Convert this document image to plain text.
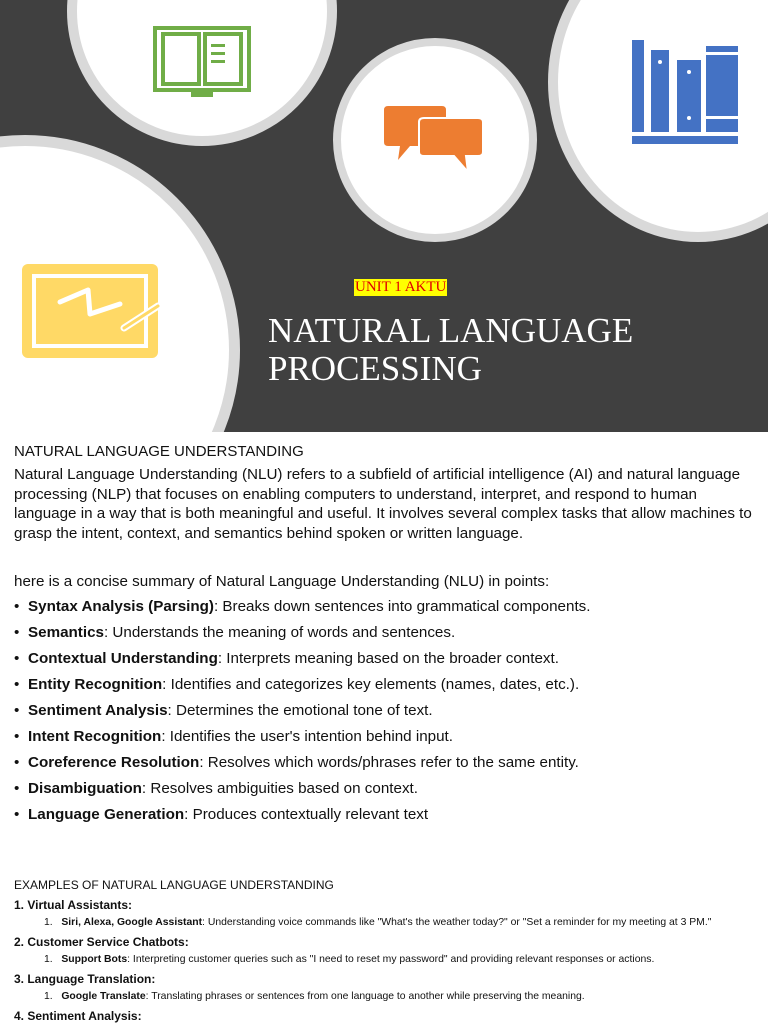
UNIT 1 AKTU
NATURAL LANGUAGE
PROCESSING

NATURAL LANGUAGE UNDERSTANDING

Natural Language Understanding (NLU) refers to a subfield of artificial intelligence (AI) and natural language processing (NLP) that focuses on enabling computers to understand, interpret, and respond to human language in a way that is both meaningful and useful. It involves several complex tasks that allow machines to grasp the intent, context, and semantics behind spoken or written language.

here is a concise summary of Natural Language Understanding (NLU) in points:

• Syntax Analysis (Parsing): Breaks down sentences into grammatical components.
• Semantics: Understands the meaning of words and sentences.
• Contextual Understanding: Interprets meaning based on the broader context.
• Entity Recognition: Identifies and categorizes key elements (names, dates, etc.).
• Sentiment Analysis: Determines the emotional tone of text.
• Intent Recognition: Identifies the user's intention behind input.
• Coreference Resolution: Resolves which words/phrases refer to the same entity.
• Disambiguation: Resolves ambiguities based on context.
• Language Generation: Produces contextually relevant text

EXAMPLES OF NATURAL LANGUAGE UNDERSTANDING

1. Virtual Assistants:
1. Siri, Alexa, Google Assistant: Understanding voice commands like "What's the weather today?" or "Set a reminder for my meeting at 3 PM."
2. Customer Service Chatbots:
1. Support Bots: Interpreting customer queries such as "I need to reset my password" and providing relevant responses or actions.
3. Language Translation:
1. Google Translate: Translating phrases or sentences from one language to another while preserving the meaning.
4. Sentiment Analysis:
